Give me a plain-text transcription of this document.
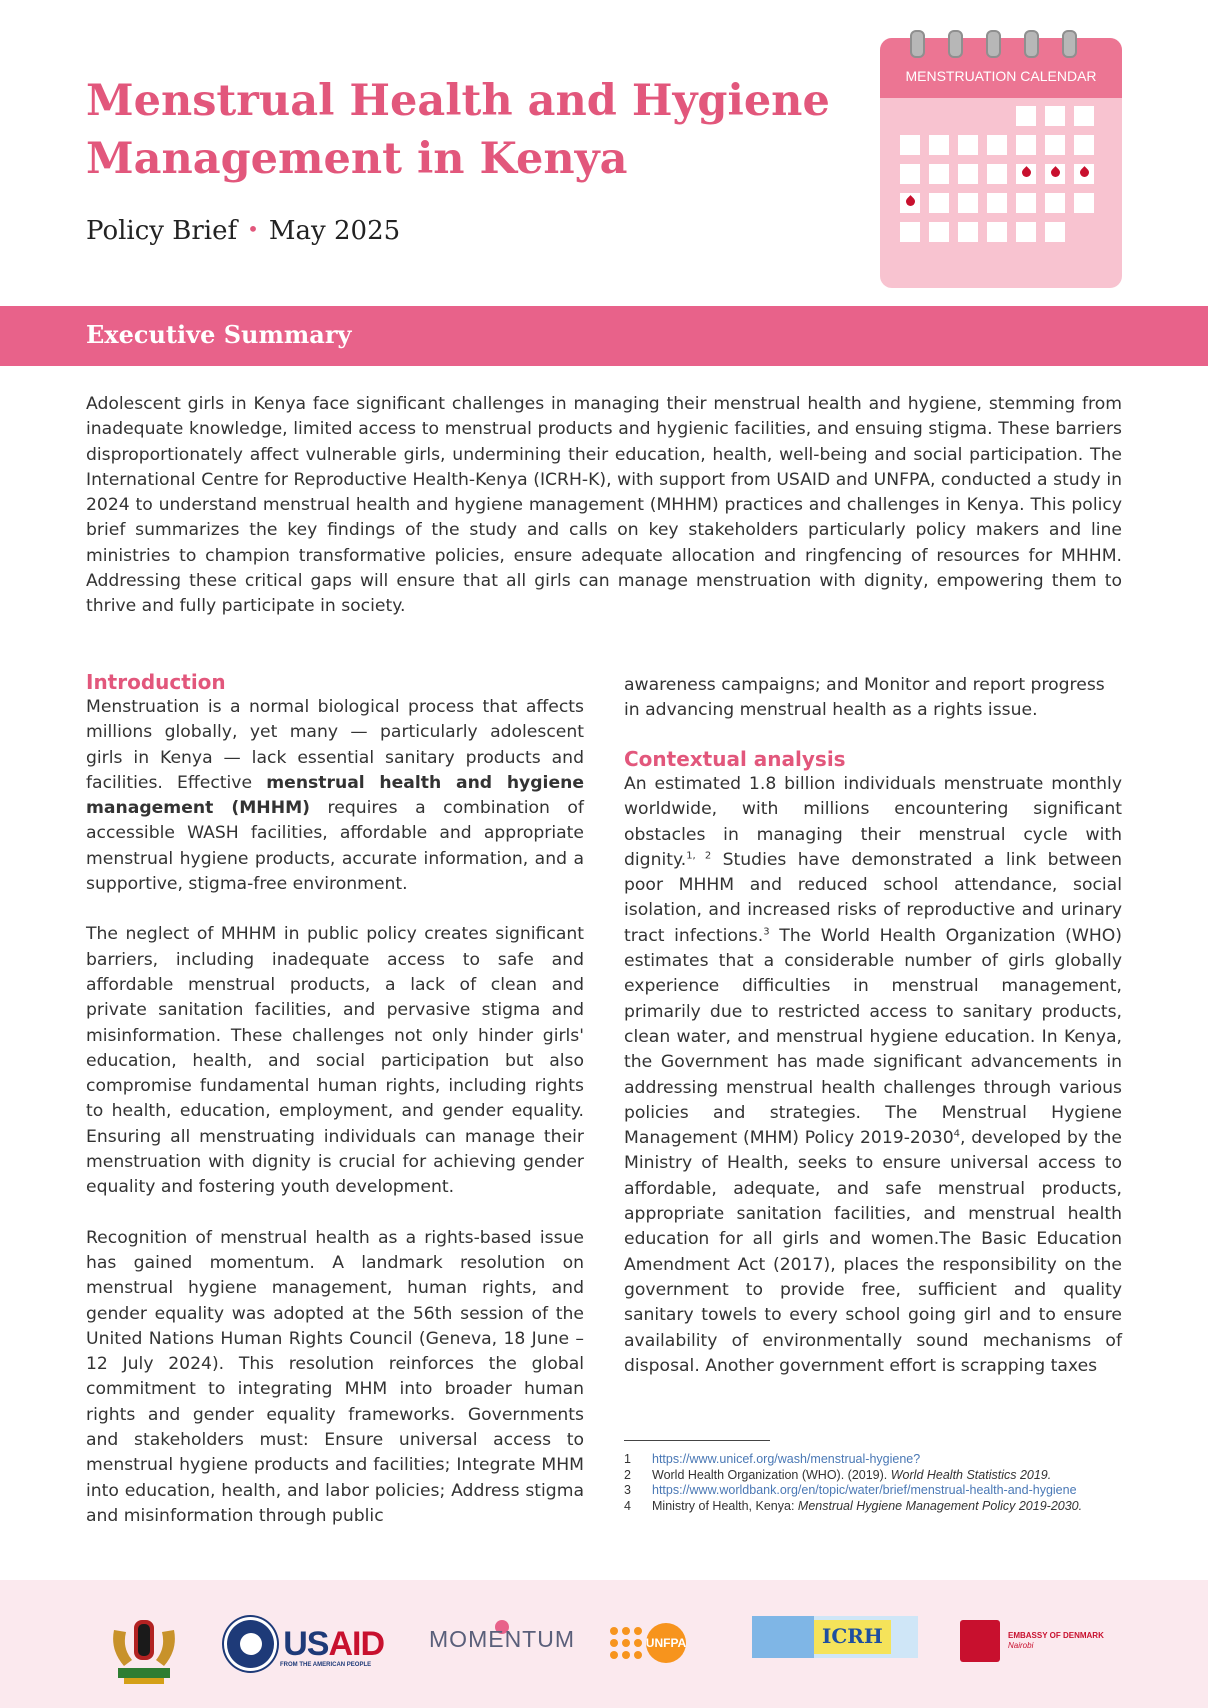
Menstrual Health and Hygiene Management in Kenya
Policy Brief • May 2025
MENSTRUATION CALENDAR
Executive Summary

Adolescent girls in Kenya face significant challenges in managing their menstrual health and hygiene, stemming from inadequate knowledge, limited access to menstrual products and hygienic facilities, and ensuing stigma. These barriers disproportionately affect vulnerable girls, undermining their education, health, well-being and social participation. The International Centre for Reproductive Health-Kenya (ICRH-K), with support from USAID and UNFPA, conducted a study in 2024 to understand menstrual health and hygiene management (MHHM) practices and challenges in Kenya. This policy brief summarizes the key findings of the study and calls on key stakeholders particularly policy makers and line ministries to champion transformative policies, ensure adequate allocation and ringfencing of resources for MHHM. Addressing these critical gaps will ensure that all girls can manage menstruation with dignity, empowering them to thrive and fully participate in society.

Introduction

Menstruation is a normal biological process that affects millions globally, yet many — particularly adolescent girls in Kenya — lack essential sanitary products and facilities. Effective menstrual health and hygiene management (MHHM) requires a combination of accessible WASH facilities, affordable and appropriate menstrual hygiene products, accurate information, and a supportive, stigma-free environment.

The neglect of MHHM in public policy creates significant barriers, including inadequate access to safe and affordable menstrual products, a lack of clean and private sanitation facilities, and pervasive stigma and misinformation. These challenges not only hinder girls' education, health, and social participation but also compromise fundamental human rights, including rights to health, education, employment, and gender equality. Ensuring all menstruating individuals can manage their menstruation with dignity is crucial for achieving gender equality and fostering youth development.

Recognition of menstrual health as a rights-based issue has gained momentum. A landmark resolution on menstrual hygiene management, human rights, and gender equality was adopted at the 56th session of the United Nations Human Rights Council (Geneva, 18 June – 12 July 2024). This resolution reinforces the global commitment to integrating MHM into broader human rights and gender equality frameworks. Governments and stakeholders must: Ensure universal access to menstrual hygiene products and facilities; Integrate MHM into education, health, and labor policies; Address stigma and misinformation through public

awareness campaigns; and Monitor and report progress in advancing menstrual health as a rights issue.

Contextual analysis

An estimated 1.8 billion individuals menstruate monthly worldwide, with millions encountering significant obstacles in managing their menstrual cycle with dignity.$^{1, 2}$ Studies have demonstrated a link between poor MHHM and reduced school attendance, social isolation, and increased risks of reproductive and urinary tract infections.$^3$ The World Health Organization (WHO) estimates that a considerable number of girls globally experience difficulties in menstrual management, primarily due to restricted access to sanitary products, clean water, and menstrual hygiene education. In Kenya, the Government has made significant advancements in addressing menstrual health challenges through various policies and strategies. The Menstrual Hygiene Management (MHM) Policy 2019-2030$^4$, developed by the Ministry of Health, seeks to ensure universal access to affordable, adequate, and safe menstrual products, appropriate sanitation facilities, and menstrual health education for all girls and women.The Basic Education Amendment Act (2017), places the responsibility on the government to provide free, sufficient and quality sanitary towels to every school going girl and to ensure availability of environmentally sound mechanisms of disposal. Another government effort is scrapping taxes

1	https://www.unicef.org/wash/menstrual-hygiene?
2	World Health Organization (WHO). (2019). World Health Statistics 2019.
3	https://www.worldbank.org/en/topic/water/brief/menstrual-health-and-hygiene
4	Ministry of Health, Kenya: Menstrual Hygiene Management Policy 2019-2030.
USAID
FROM THE AMERICAN PEOPLE
MOMENTUM	UNFPA	ICRH	EMBASSY OF DENMARK
Nairobi
